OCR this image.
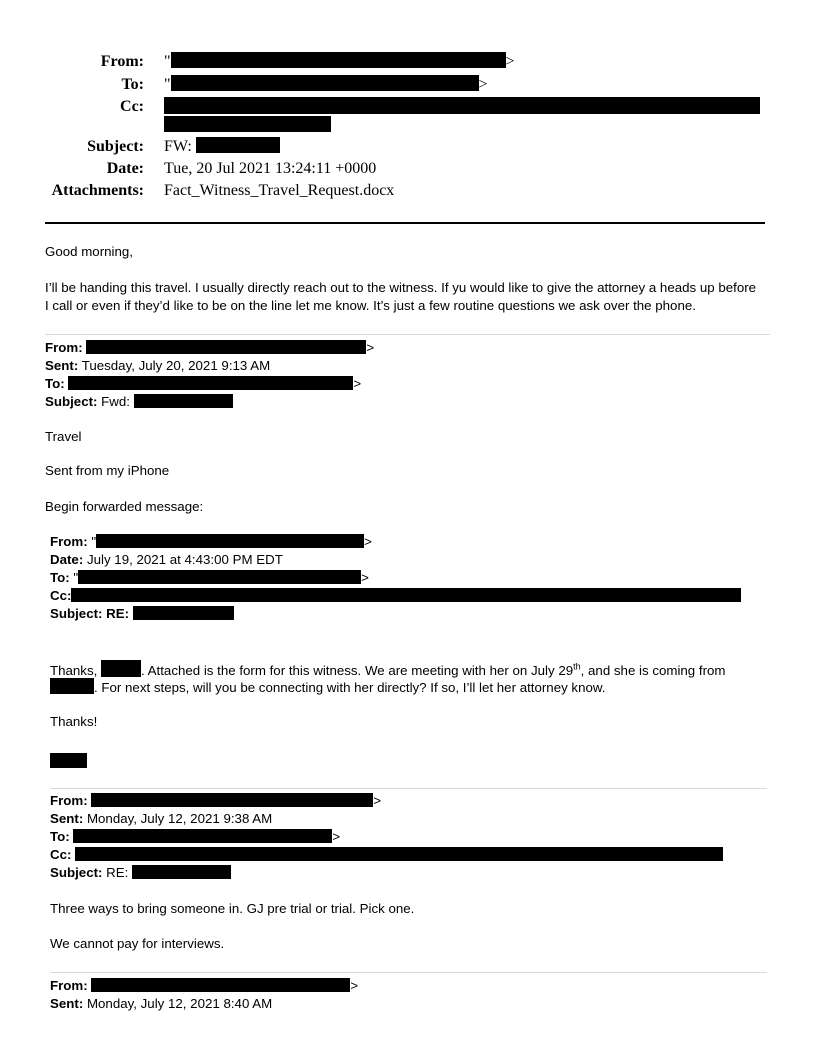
From: "	>
To: "	>
Cc:
Subject: FW:
Date: Tue, 20 Jul 2021 13:24:11 +0000
Attachments: Fact_Witness_Travel_Request.docx
Good morning,
I’ll be handing this travel. I usually directly reach out to the witness. If yu would like to give the attorney a heads up before
I call or even if they’d like to be on the line let me know. It’s just a few routine questions we ask over the phone.
From:	>
Sent: Tuesday, July 20, 2021 9:13 AM
To:	>
Subject: Fwd:
Travel
Sent from my iPhone
Begin forwarded message:
From: "	>
Date: July 19, 2021 at 4:43:00 PM EDT
To: "	>
Cc:
Subject: RE:
Thanks,	. Attached is the form for this witness. We are meeting with her on July 29th, and she is coming from
. For next steps, will you be connecting with her directly? If so, I’ll let her attorney know.
Thanks!
From:	>
Sent: Monday, July 12, 2021 9:38 AM
To:	>
Cc:
Subject: RE:
Three ways to bring someone in. GJ pre trial or trial. Pick one.
We cannot pay for interviews.
From:	>
Sent: Monday, July 12, 2021 8:40 AM
